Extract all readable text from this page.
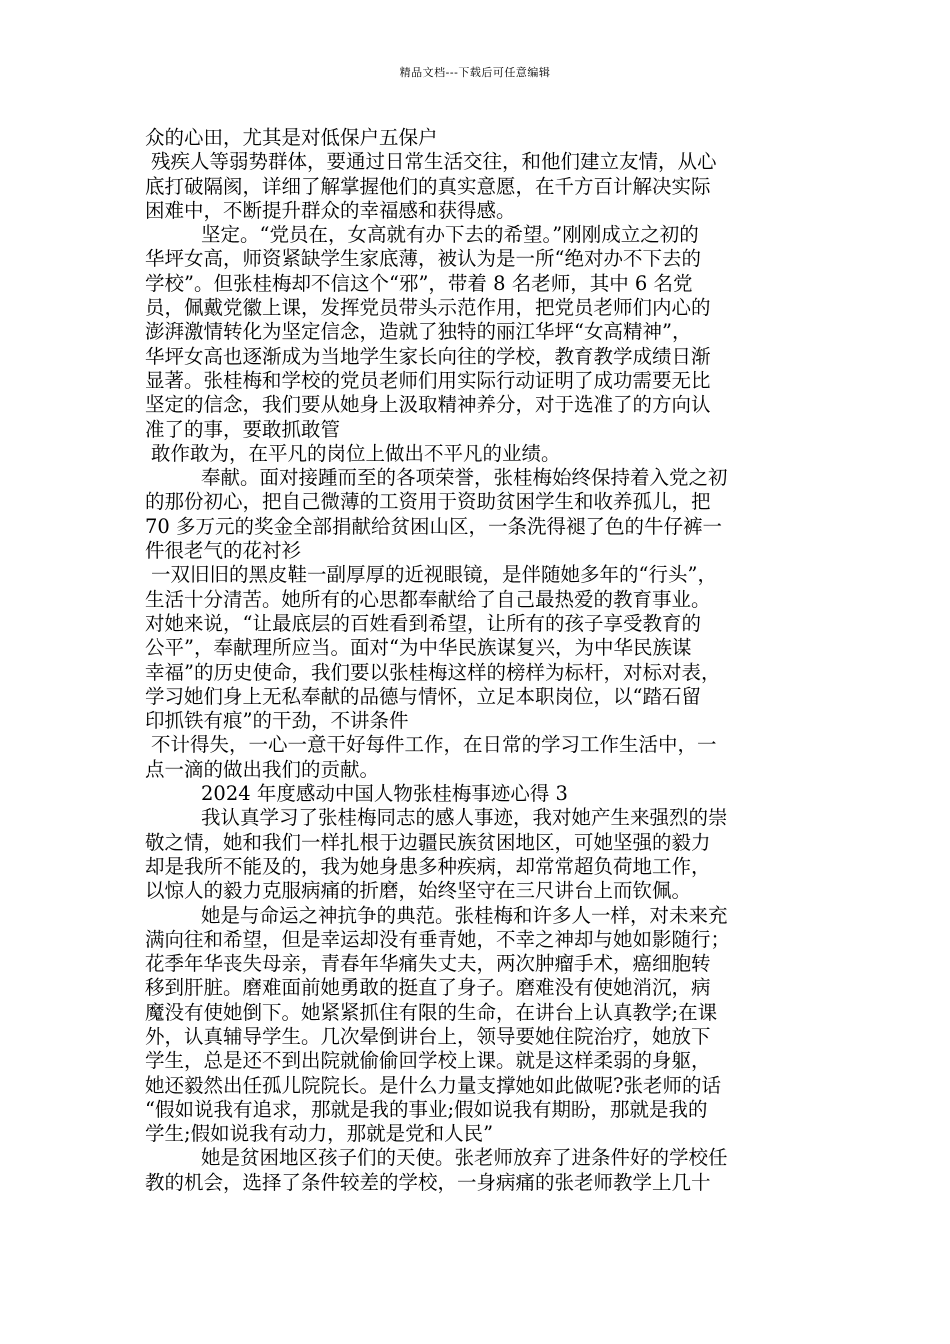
精品文档---下载后可任意编辑
众的心田，尤其是对低保户五保户
残疾人等弱势群体，要通过日常生活交往，和他们建立友情，从心
底打破隔阂，详细了解掌握他们的真实意愿，在千方百计解决实际
困难中，不断提升群众的幸福感和获得感。
坚定。“党员在，女高就有办下去的希望。”刚刚成立之初的
华坪女高，师资紧缺学生家底薄，被认为是一所“绝对办不下去的
学校”。但张桂梅却不信这个“邪”，带着 8 名老师，其中 6 名党
员，佩戴党徽上课，发挥党员带头示范作用，把党员老师们内心的
澎湃激情转化为坚定信念，造就了独特的丽江华坪“女高精神”，
华坪女高也逐渐成为当地学生家长向往的学校，教育教学成绩日渐
显著。张桂梅和学校的党员老师们用实际行动证明了成功需要无比
坚定的信念，我们要从她身上汲取精神养分，对于选准了的方向认
准了的事，要敢抓敢管
敢作敢为，在平凡的岗位上做出不平凡的业绩。
奉献。面对接踵而至的各项荣誉，张桂梅始终保持着入党之初
的那份初心，把自己微薄的工资用于资助贫困学生和收养孤儿，把
70 多万元的奖金全部捐献给贫困山区，一条洗得褪了色的牛仔裤一
件很老气的花衬衫
一双旧旧的黑皮鞋一副厚厚的近视眼镜，是伴随她多年的“行头”，
生活十分清苦。她所有的心思都奉献给了自己最热爱的教育事业。
对她来说，“让最底层的百姓看到希望，让所有的孩子享受教育的
公平”，奉献理所应当。面对“为中华民族谋复兴，为中华民族谋
幸福”的历史使命，我们要以张桂梅这样的榜样为标杆，对标对表，
学习她们身上无私奉献的品德与情怀，立足本职岗位，以“踏石留
印抓铁有痕”的干劲，不讲条件
不计得失，一心一意干好每件工作，在日常的学习工作生活中，一
点一滴的做出我们的贡献。
2024 年度感动中国人物张桂梅事迹心得 3
我认真学习了张桂梅同志的感人事迹，我对她产生来强烈的崇
敬之情，她和我们一样扎根于边疆民族贫困地区，可她坚强的毅力
却是我所不能及的，我为她身患多种疾病，却常常超负荷地工作，
以惊人的毅力克服病痛的折磨，始终坚守在三尺讲台上而钦佩。
她是与命运之神抗争的典范。张桂梅和许多人一样，对未来充
满向往和希望，但是幸运却没有垂青她，不幸之神却与她如影随行；
花季年华丧失母亲，青春年华痛失丈夫，两次肿瘤手术，癌细胞转
移到肝脏。磨难面前她勇敢的挺直了身子。磨难没有使她消沉，病
魔没有使她倒下。她紧紧抓住有限的生命，在讲台上认真教学;在课
外，认真辅导学生。几次晕倒讲台上，领导要她住院治疗，她放下
学生，总是还不到出院就偷偷回学校上课。就是这样柔弱的身躯，
她还毅然出任孤儿院院长。是什么力量支撑她如此做呢?张老师的话
“假如说我有追求，那就是我的事业;假如说我有期盼，那就是我的
学生;假如说我有动力，那就是党和人民”
她是贫困地区孩子们的天使。张老师放弃了进条件好的学校任
教的机会，选择了条件较差的学校，一身病痛的张老师教学上几十
